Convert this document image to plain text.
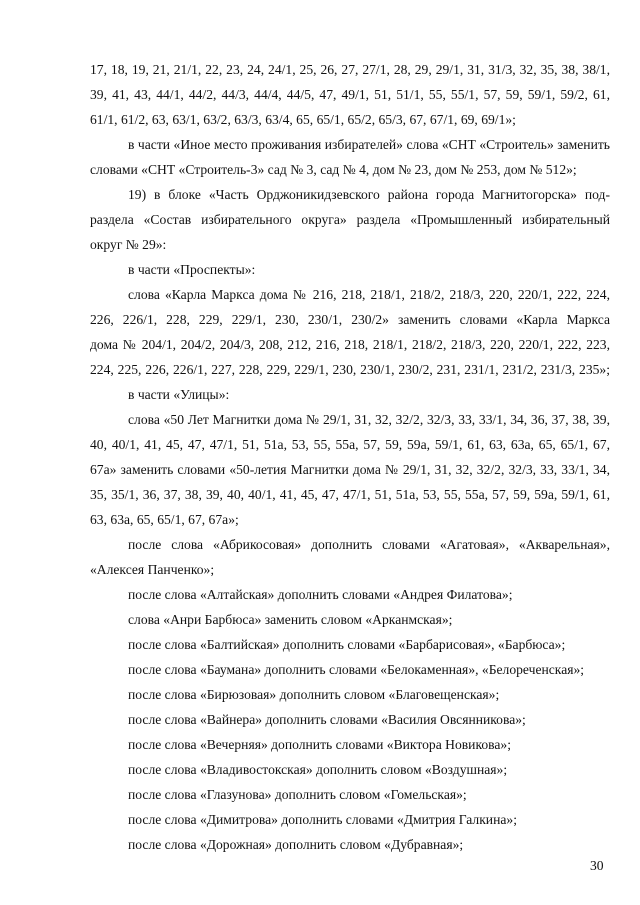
17, 18, 19, 21, 21/1, 22, 23, 24, 24/1, 25, 26, 27, 27/1, 28, 29, 29/1, 31, 31/3, 32, 35, 38, 38/1,
39, 41, 43, 44/1, 44/2, 44/3, 44/4, 44/5, 47, 49/1, 51, 51/1, 55, 55/1, 57, 59, 59/1, 59/2, 61,
61/1, 61/2, 63, 63/1, 63/2, 63/3, 63/4, 65, 65/1, 65/2, 65/3, 67, 67/1, 69, 69/1»;
в части «Иное место проживания избирателей» слова «СНТ «Строитель» заменить
словами «СНТ «Строитель-3» сад № 3, сад № 4, дом № 23, дом № 253, дом № 512»;
19) в блоке «Часть Орджоникидзевского района города Магнитогорска» под-
раздела «Состав избирательного округа» раздела «Промышленный избирательный
округ № 29»:
в части «Проспекты»:
слова «Карла Маркса дома № 216, 218, 218/1, 218/2, 218/3, 220, 220/1, 222, 224,
226, 226/1, 228, 229, 229/1, 230, 230/1, 230/2» заменить словами «Карла Маркса
дома № 204/1, 204/2, 204/3, 208, 212, 216, 218, 218/1, 218/2, 218/3, 220, 220/1, 222, 223,
224, 225, 226, 226/1, 227, 228, 229, 229/1, 230, 230/1, 230/2, 231, 231/1, 231/2, 231/3, 235»;
в части «Улицы»:
слова «50 Лет Магнитки дома № 29/1, 31, 32, 32/2, 32/3, 33, 33/1, 34, 36, 37, 38, 39,
40, 40/1, 41, 45, 47, 47/1, 51, 51а, 53, 55, 55а, 57, 59, 59а, 59/1, 61, 63, 63а, 65, 65/1, 67,
67а» заменить словами «50-летия Магнитки дома № 29/1, 31, 32, 32/2, 32/3, 33, 33/1, 34,
35, 35/1, 36, 37, 38, 39, 40, 40/1, 41, 45, 47, 47/1, 51, 51а, 53, 55, 55а, 57, 59, 59а, 59/1, 61,
63, 63а, 65, 65/1, 67, 67а»;
после слова «Абрикосовая» дополнить словами «Агатовая», «Акварельная»,
«Алексея Панченко»;
после слова «Алтайская» дополнить словами «Андрея Филатова»;
слова «Анри Барбюса» заменить словом «Арканмская»;
после слова «Балтийская» дополнить словами «Барбарисовая», «Барбюса»;
после слова «Баумана» дополнить словами «Белокаменная», «Белореченская»;
после слова «Бирюзовая» дополнить словом «Благовещенская»;
после слова «Вайнера» дополнить словами «Василия Овсянникова»;
после слова «Вечерняя» дополнить словами «Виктора Новикова»;
после слова «Владивостокская» дополнить словом «Воздушная»;
после слова «Глазунова» дополнить словом «Гомельская»;
после слова «Димитрова» дополнить словами «Дмитрия Галкина»;
после слова «Дорожная» дополнить словом «Дубравная»;
30
